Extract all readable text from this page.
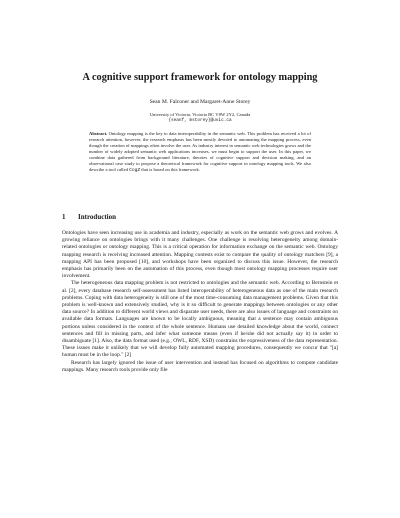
A cognitive support framework for ontology mapping
Sean M. Falconer and Margaret-Anne Storey
University of Victoria, Victoria BC V8W 2Y2, Canada
{seanf, mstorey}@uvic.ca
Abstract. Ontology mapping is the key to data interoperability in the semantic web. This problem has received a lot of research attention, however, the research emphasis has been mostly devoted to automating the mapping process, even though the creation of mappings often involve the user. As industry interest in semantic web technologies grows and the number of widely adopted semantic web applications increases, we must begin to support the user. In this paper, we combine data gathered from background literature, theories of cognitive support and decision making, and an observational case study to propose a theoretical framework for cognitive support in ontology mapping tools. We also describe a tool called CogZ that is based on this framework.
1 Introduction

Ontologies have seen increasing use in academia and industry, especially as work on the semantic web grows and evolves. A growing reliance on ontologies brings with it many challenges. One challenge is resolving heterogeneity among domain-related ontologies or ontology mapping. This is a critical operation for information exchange on the semantic web. Ontology mapping research is receiving increased attention. Mapping contests exist to compare the quality of ontology matchers [9], a mapping API has been proposed [10], and workshops have been organized to discuss this issue. However, the research emphasis has primarily been on the automation of this process, even though most ontology mapping processes require user involvement.

The heterogeneous data mapping problem is not restricted to ontologies and the semantic web. According to Bernstein et al. [2], every database research self-assessment has listed interoperability of heterogeneous data as one of the main research problems. Coping with data heterogeneity is still one of the most time-consuming data management problems. Given that this problem is well-known and extensively studied, why is it so difficult to generate mappings between ontologies or any other data source? In addition to different world views and disparate user needs, there are also issues of language and constraints on available data formats. Languages are known to be locally ambiguous, meaning that a sentence may contain ambiguous portions unless considered in the context of the whole sentence. Humans use detailed knowledge about the world, connect sentences and fill in missing parts, and infer what someone means (even if he/she did not actually say it) in order to disambiguate [1]. Also, the data format used (e.g., OWL, RDF, XSD) constrains the expressiveness of the data representation. These issues make it unlikely that we will develop fully automated mapping procedures, consequently we concur that "[a] human must be in the loop." [2]

Research has largely ignored the issue of user intervention and instead has focused on algorithms to compute candidate mappings. Many research tools provide only file
